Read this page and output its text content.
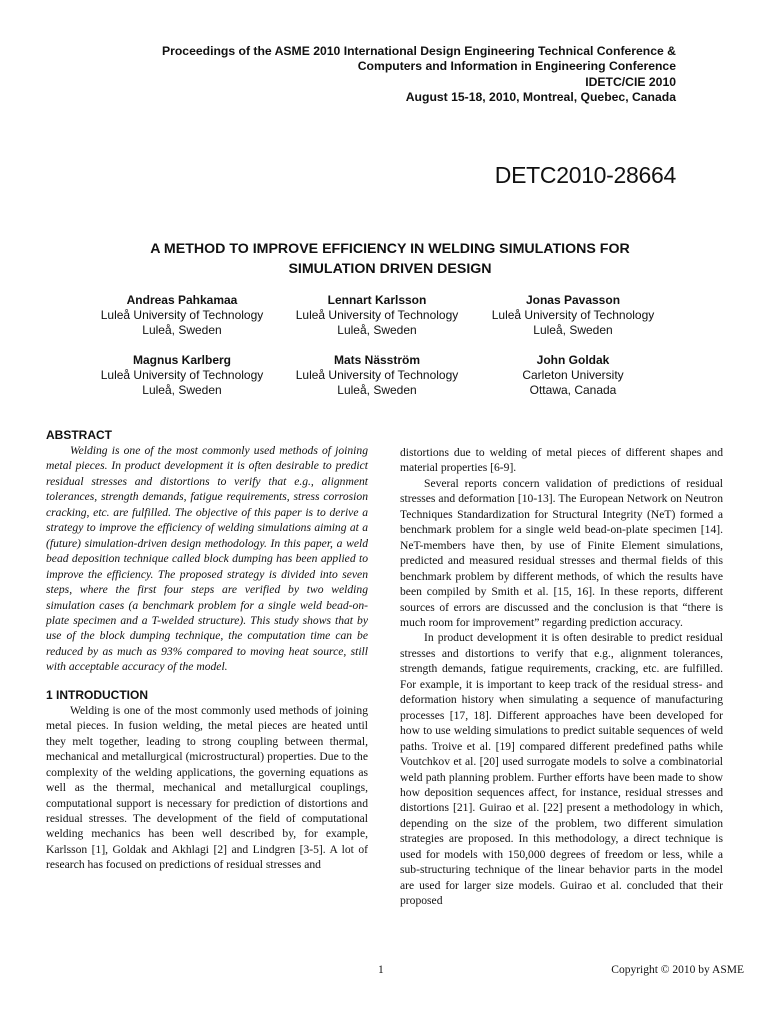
Proceedings of the ASME 2010 International Design Engineering Technical Conference &
Computers and Information in Engineering Conference
IDETC/CIE 2010
August 15-18, 2010, Montreal, Quebec, Canada
DETC2010-28664
A METHOD TO IMPROVE EFFICIENCY IN WELDING SIMULATIONS FOR
SIMULATION DRIVEN DESIGN
Andreas Pahkamaa
Luleå University of Technology
Luleå, Sweden
Lennart Karlsson
Luleå University of Technology
Luleå, Sweden
Jonas Pavasson
Luleå University of Technology
Luleå, Sweden
Magnus Karlberg
Luleå University of Technology
Luleå, Sweden
Mats Näsström
Luleå University of Technology
Luleå, Sweden
John Goldak
Carleton University
Ottawa, Canada

ABSTRACT

Welding is one of the most commonly used methods of joining metal pieces. In product development it is often desirable to predict residual stresses and distortions to verify that e.g., alignment tolerances, strength demands, fatigue requirements, stress corrosion cracking, etc. are fulfilled. The objective of this paper is to derive a strategy to improve the efficiency of welding simulations aiming at a (future) simulation-driven design methodology. In this paper, a weld bead deposition technique called block dumping has been applied to improve the efficiency. The proposed strategy is divided into seven steps, where the first four steps are verified by two welding simulation cases (a benchmark problem for a single weld bead-on-plate specimen and a T-welded structure). This study shows that by use of the block dumping technique, the computation time can be reduced by as much as 93% compared to moving heat source, still with acceptable accuracy of the model.

1 INTRODUCTION

Welding is one of the most commonly used methods of joining metal pieces. In fusion welding, the metal pieces are heated until they melt together, leading to strong coupling between thermal, mechanical and metallurgical (microstructural) properties. Due to the complexity of the welding applications, the governing equations as well as the thermal, mechanical and metallurgical couplings, computational support is necessary for prediction of distortions and residual stresses. The development of the field of computational welding mechanics has been well described by, for example, Karlsson [1], Goldak and Akhlagi [2] and Lindgren [3-5]. A lot of research has focused on predictions of residual stresses and

distortions due to welding of metal pieces of different shapes and material properties [6-9].

Several reports concern validation of predictions of residual stresses and deformation [10-13]. The European Network on Neutron Techniques Standardization for Structural Integrity (NeT) formed a benchmark problem for a single weld bead-on-plate specimen [14]. NeT-members have then, by use of Finite Element simulations, predicted and measured residual stresses and thermal fields of this benchmark problem by different methods, of which the results have been compiled by Smith et al. [15, 16]. In these reports, different sources of errors are discussed and the conclusion is that “there is much room for improvement” regarding prediction accuracy.

In product development it is often desirable to predict residual stresses and distortions to verify that e.g., alignment tolerances, strength demands, fatigue requirements, cracking, etc. are fulfilled. For example, it is important to keep track of the residual stress- and deformation history when simulating a sequence of manufacturing processes [17, 18]. Different approaches have been developed for how to use welding simulations to predict suitable sequences of weld paths. Troive et al. [19] compared different predefined paths while Voutchkov et al. [20] used surrogate models to solve a combinatorial weld path planning problem. Further efforts have been made to show how deposition sequences affect, for instance, residual stresses and distortions [21]. Guirao et al. [22] present a methodology in which, depending on the size of the problem, two different simulation strategies are proposed. In this methodology, a direct technique is used for models with 150,000 degrees of freedom or less, while a sub-structuring technique of the linear behavior parts in the model are used for larger size models. Guirao et al. concluded that their proposed

1	Copyright © 2010 by ASME
